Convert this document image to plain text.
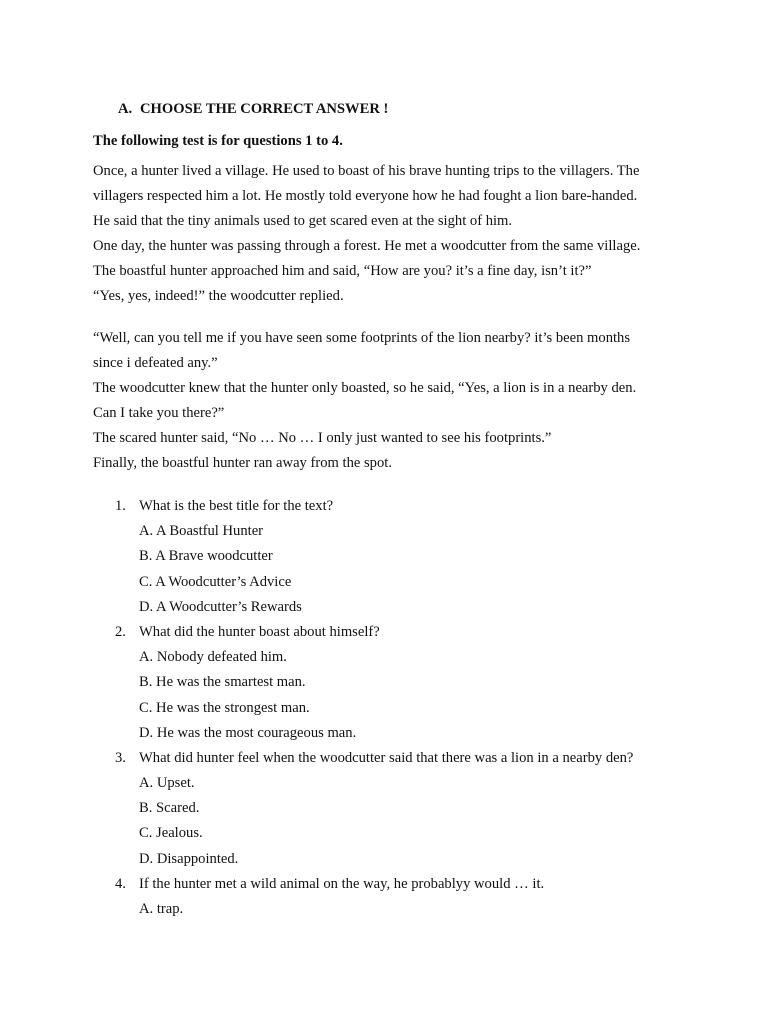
A. CHOOSE THE CORRECT ANSWER !
The following test is for questions 1 to 4.
Once, a hunter lived a village. He used to boast of his brave hunting trips to the villagers. The
villagers respected him a lot. He mostly told everyone how he had fought a lion bare-handed.
He said that the tiny animals used to get scared even at the sight of him.
One day, the hunter was passing through a forest. He met a woodcutter from the same village.
The boastful hunter approached him and said, “How are you? it’s a fine day, isn’t it?”
“Yes, yes, indeed!” the woodcutter replied.
“Well, can you tell me if you have seen some footprints of the lion nearby? it’s been months
since i defeated any.”
The woodcutter knew that the hunter only boasted, so he said, “Yes, a lion is in a nearby den.
Can I take you there?”
The scared hunter said, “No … No … I only just wanted to see his footprints.”
Finally, the boastful hunter ran away from the spot.
1. What is the best title for the text?
A. A Boastful Hunter
B. A Brave woodcutter
C. A Woodcutter’s Advice
D. A Woodcutter’s Rewards
2. What did the hunter boast about himself?
A. Nobody defeated him.
B. He was the smartest man.
C. He was the strongest man.
D. He was the most courageous man.
3. What did hunter feel when the woodcutter said that there was a lion in a nearby den?
A. Upset.
B. Scared.
C. Jealous.
D. Disappointed.
4. If the hunter met a wild animal on the way, he probablyy would … it.
A. trap.
